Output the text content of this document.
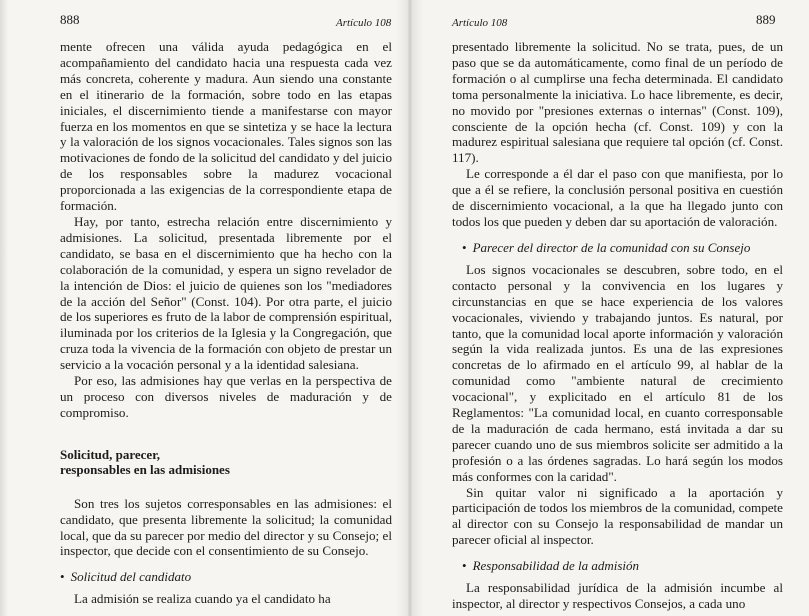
888	Artículo 108

mente ofrecen una válida ayuda pedagógica en el acompañamiento del candidato hacia una respuesta cada vez más concreta, coherente y madura. Aun siendo una constante en el itinerario de la formación, sobre todo en las etapas iniciales, el discernimiento tiende a manifestarse con mayor fuerza en los momentos en que se sintetiza y se hace la lectura y la valoración de los signos vocacionales. Tales signos son las motivaciones de fondo de la solicitud del candidato y del juicio de los responsables sobre la madurez vocacional proporcionada a las exigencias de la correspondiente etapa de formación.

Hay, por tanto, estrecha relación entre discernimiento y admisiones. La solicitud, presentada libremente por el candidato, se basa en el discernimiento que ha hecho con la colaboración de la comunidad, y espera un signo revelador de la intención de Dios: el juicio de quienes son los "mediadores de la acción del Señor" (Const. 104). Por otra parte, el juicio de los superiores es fruto de la labor de comprensión espiritual, iluminada por los criterios de la Iglesia y la Congregación, que cruza toda la vivencia de la formación con objeto de prestar un servicio a la vocación personal y a la identidad salesiana.

Por eso, las admisiones hay que verlas en la perspectiva de un proceso con diversos niveles de maduración y de compromiso.

Solicitud, parecer,
responsables en las admisiones

Son tres los sujetos corresponsables en las admisiones: el candidato, que presenta libremente la solicitud; la comunidad local, que da su parecer por medio del director y su Consejo; el inspector, que decide con el consentimiento de su Consejo.

• Solicitud del candidato

La admisión se realiza cuando ya el candidato ha

Artículo 108	889

presentado libremente la solicitud. No se trata, pues, de un paso que se da automáticamente, como final de un período de formación o al cumplirse una fecha determinada. El candidato toma personalmente la iniciativa. Lo hace libremente, es decir, no movido por "presiones externas o internas" (Const. 109), consciente de la opción hecha (cf. Const. 109) y con la madurez espiritual salesiana que requiere tal opción (cf. Const. 117).

Le corresponde a él dar el paso con que manifiesta, por lo que a él se refiere, la conclusión personal positiva en cuestión de discernimiento vocacional, a la que ha llegado junto con todos los que pueden y deben dar su aportación de valoración.

• Parecer del director de la comunidad con su Consejo

Los signos vocacionales se descubren, sobre todo, en el contacto personal y la convivencia en los lugares y circunstancias en que se hace experiencia de los valores vocacionales, viviendo y trabajando juntos. Es natural, por tanto, que la comunidad local aporte información y valoración según la vida realizada juntos. Es una de las expresiones concretas de lo afirmado en el artículo 99, al hablar de la comunidad como "ambiente natural de crecimiento vocacional", y explicitado en el artículo 81 de los Reglamentos: "La comunidad local, en cuanto corresponsable de la maduración de cada hermano, está invitada a dar su parecer cuando uno de sus miembros solicite ser admitido a la profesión o a las órdenes sagradas. Lo hará según los modos más conformes con la caridad".

Sin quitar valor ni significado a la aportación y participación de todos los miembros de la comunidad, compete al director con su Consejo la responsabilidad de mandar un parecer oficial al inspector.

• Responsabilidad de la admisión

La responsabilidad jurídica de la admisión incumbe al inspector, al director y respectivos Consejos, a cada uno
